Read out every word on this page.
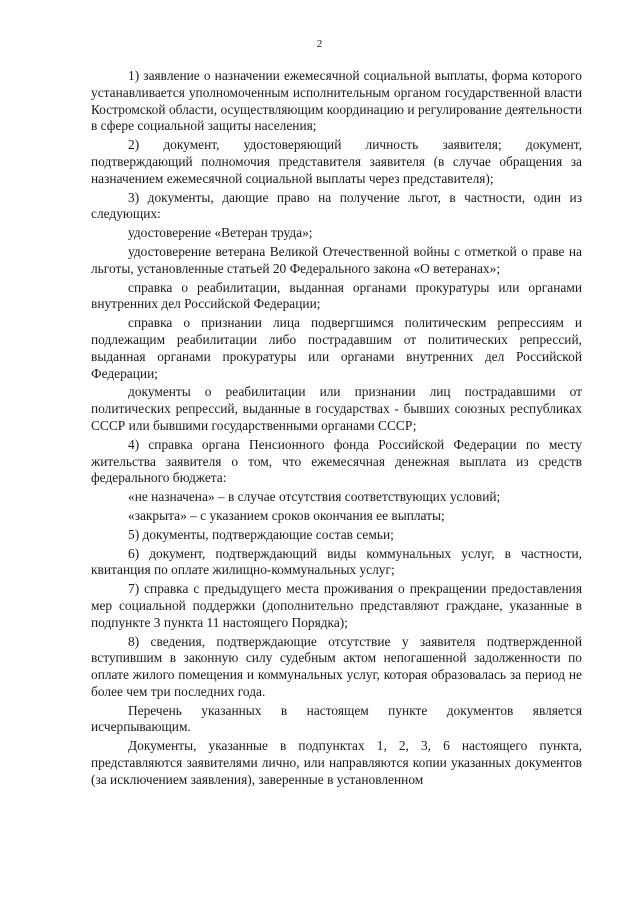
2

1) заявление о назначении ежемесячной социальной выплаты, форма которого устанавливается уполномоченным исполнительным органом государственной власти Костромской области, осуществляющим координацию и регулирование деятельности в сфере социальной защиты населения;

2) документ, удостоверяющий личность заявителя; документ, подтверждающий полномочия представителя заявителя (в случае обращения за назначением ежемесячной социальной выплаты через представителя);

3) документы, дающие право на получение льгот, в частности, один из следующих:

удостоверение «Ветеран труда»;

удостоверение ветерана Великой Отечественной войны с отметкой о праве на льготы, установленные статьей 20 Федерального закона «О ветеранах»;

справка о реабилитации, выданная органами прокуратуры или органами внутренних дел Российской Федерации;

справка о признании лица подвергшимся политическим репрессиям и подлежащим реабилитации либо пострадавшим от политических репрессий, выданная органами прокуратуры или органами внутренних дел Российской Федерации;

документы о реабилитации или признании лиц пострадавшими от политических репрессий, выданные в государствах - бывших союзных республиках СССР или бывшими государственными органами СССР;

4) справка органа Пенсионного фонда Российской Федерации по месту жительства заявителя о том, что ежемесячная денежная выплата из средств федерального бюджета:

«не назначена» – в случае отсутствия соответствующих условий;

«закрыта» – с указанием сроков окончания ее выплаты;

5) документы, подтверждающие состав семьи;

6) документ, подтверждающий виды коммунальных услуг, в частности, квитанция по оплате жилищно-коммунальных услуг;

7) справка с предыдущего места проживания о прекращении предоставления мер социальной поддержки (дополнительно представляют граждане, указанные в подпункте 3 пункта 11 настоящего Порядка);

8) сведения, подтверждающие отсутствие у заявителя подтвержденной вступившим в законную силу судебным актом непогашенной задолженности по оплате жилого помещения и коммунальных услуг, которая образовалась за период не более чем три последних года.

Перечень указанных в настоящем пункте документов является исчерпывающим.

Документы, указанные в подпунктах 1, 2, 3, 6 настоящего пункта, представляются заявителями лично, или направляются копии указанных документов (за исключением заявления), заверенные в установленном
